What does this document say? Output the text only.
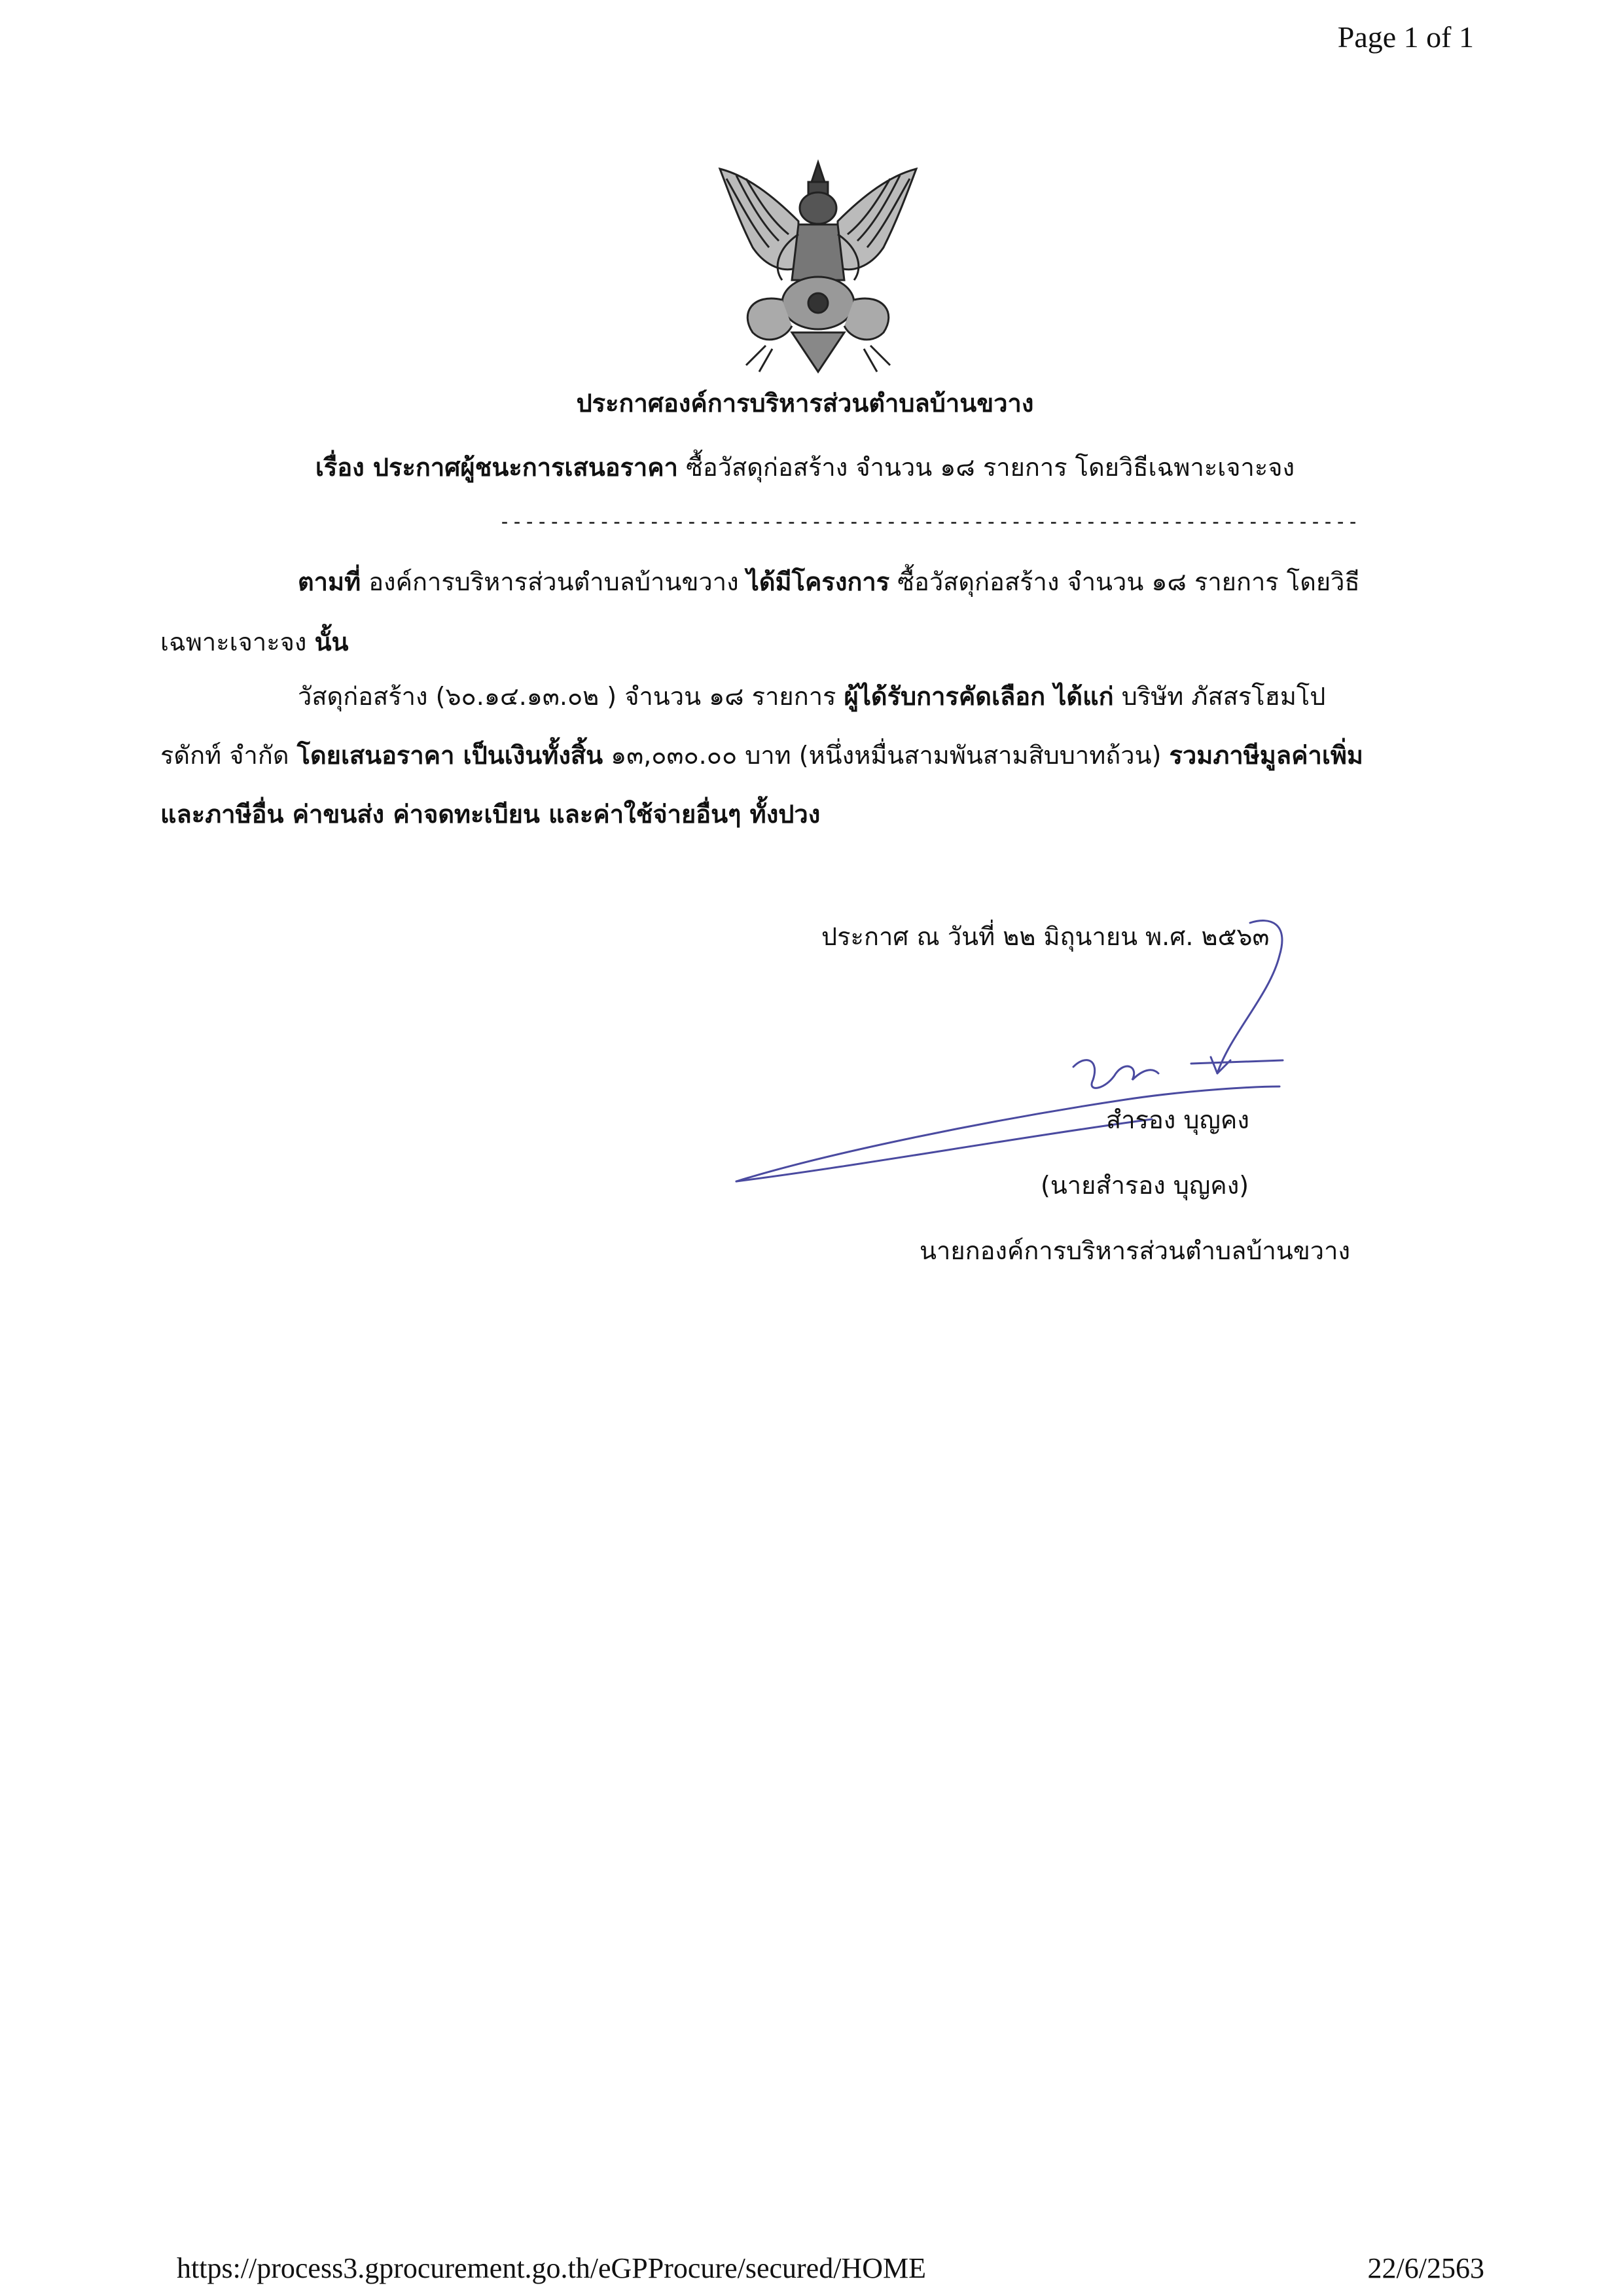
Page 1 of 1
ประกาศองค์การบริหารส่วนตำบลบ้านขวาง
เรื่อง ประกาศผู้ชนะการเสนอราคา ซื้อวัสดุก่อสร้าง จำนวน ๑๘ รายการ โดยวิธีเฉพาะเจาะจง
---------------------------------------------------------------------
ตามที่ องค์การบริหารส่วนตำบลบ้านขวาง ได้มีโครงการ ซื้อวัสดุก่อสร้าง จำนวน ๑๘ รายการ โดยวิธี
เฉพาะเจาะจง นั้น
วัสดุก่อสร้าง (๖๐.๑๔.๑๓.๐๒ ) จำนวน ๑๘ รายการ ผู้ได้รับการคัดเลือก ได้แก่ บริษัท ภัสสรโฮมโป
รดักท์ จำกัด โดยเสนอราคา เป็นเงินทั้งสิ้น ๑๓,๐๓๐.๐๐ บาท (หนึ่งหมื่นสามพันสามสิบบาทถ้วน) รวมภาษีมูลค่าเพิ่ม
และภาษีอื่น ค่าขนส่ง ค่าจดทะเบียน และค่าใช้จ่ายอื่นๆ ทั้งปวง
ประกาศ ณ วันที่ ๒๒ มิถุนายน พ.ศ. ๒๕๖๓
สำรอง บุญคง
(นายสำรอง บุญคง)
นายกองค์การบริหารส่วนตำบลบ้านขวาง
https://process3.gprocurement.go.th/eGPProcure/secured/HOME	22/6/2563
